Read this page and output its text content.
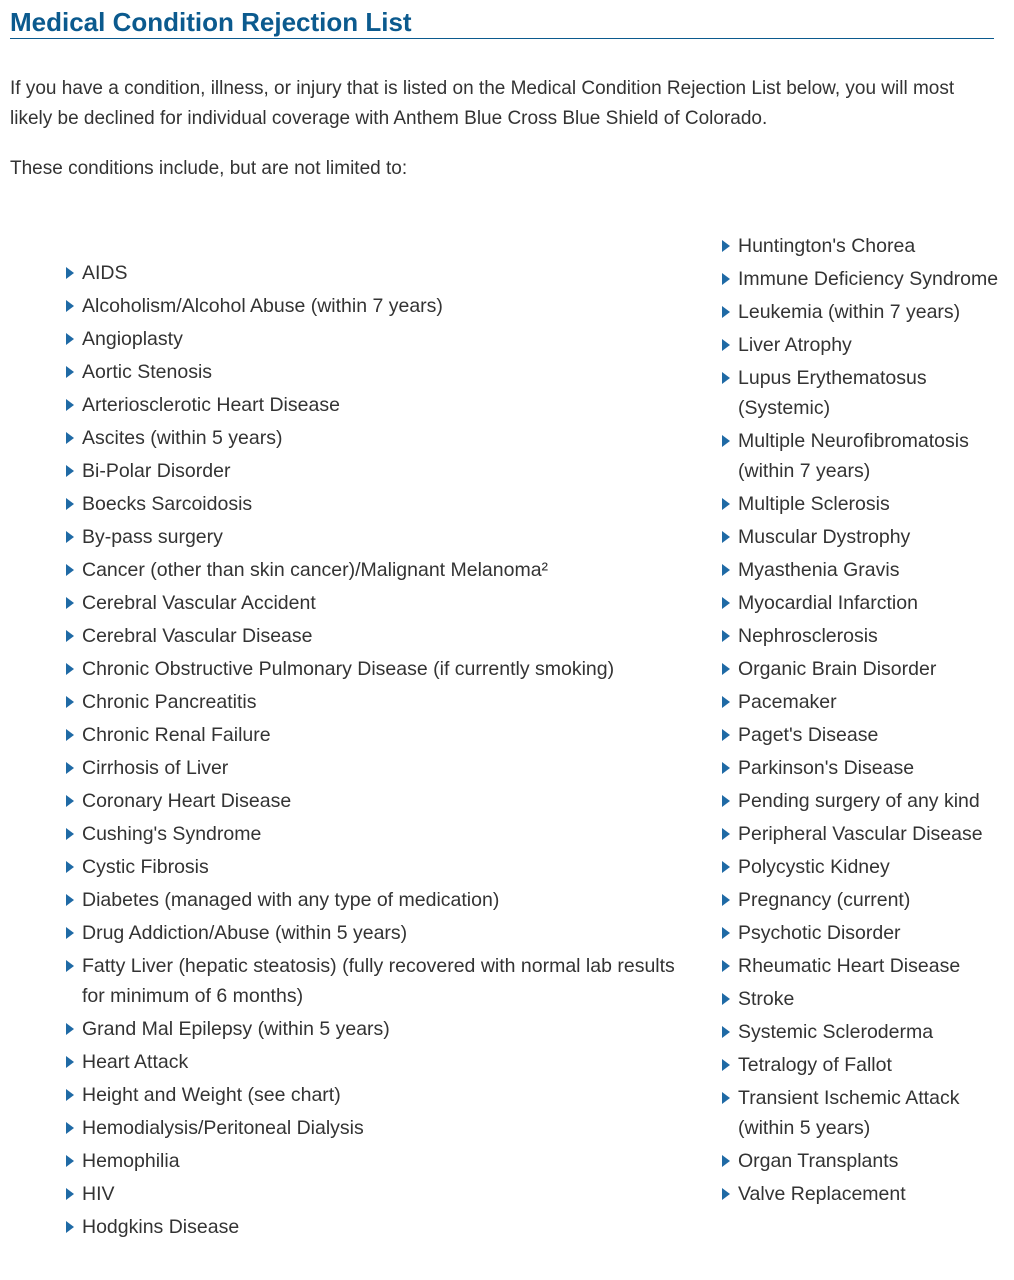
Medical Condition Rejection List

If you have a condition, illness, or injury that is listed on the Medical Condition Rejection List below, you will most likely be declined for individual coverage with Anthem Blue Cross Blue Shield of Colorado.

These conditions include, but are not limited to:

AIDS
Alcoholism/Alcohol Abuse (within 7 years)
Angioplasty
Aortic Stenosis
Arteriosclerotic Heart Disease
Ascites (within 5 years)
Bi-Polar Disorder
Boecks Sarcoidosis
By-pass surgery
Cancer (other than skin cancer)/Malignant Melanoma²
Cerebral Vascular Accident
Cerebral Vascular Disease
Chronic Obstructive Pulmonary Disease (if currently smoking)
Chronic Pancreatitis
Chronic Renal Failure
Cirrhosis of Liver
Coronary Heart Disease
Cushing's Syndrome
Cystic Fibrosis
Diabetes (managed with any type of medication)
Drug Addiction/Abuse (within 5 years)
Fatty Liver (hepatic steatosis) (fully recovered with normal lab results for minimum of 6 months)
Grand Mal Epilepsy (within 5 years)
Heart Attack
Height and Weight (see chart)
Hemodialysis/Peritoneal Dialysis
Hemophilia
HIV
Hodgkins Disease
Huntington's Chorea
Immune Deficiency Syndrome
Leukemia (within 7 years)
Liver Atrophy
Lupus Erythematosus (Systemic)
Multiple Neurofibromatosis (within 7 years)
Multiple Sclerosis
Muscular Dystrophy
Myasthenia Gravis
Myocardial Infarction
Nephrosclerosis
Organic Brain Disorder
Pacemaker
Paget's Disease
Parkinson's Disease
Pending surgery of any kind
Peripheral Vascular Disease
Polycystic Kidney
Pregnancy (current)
Psychotic Disorder
Rheumatic Heart Disease
Stroke
Systemic Scleroderma
Tetralogy of Fallot
Transient Ischemic Attack (within 5 years)
Organ Transplants
Valve Replacement
